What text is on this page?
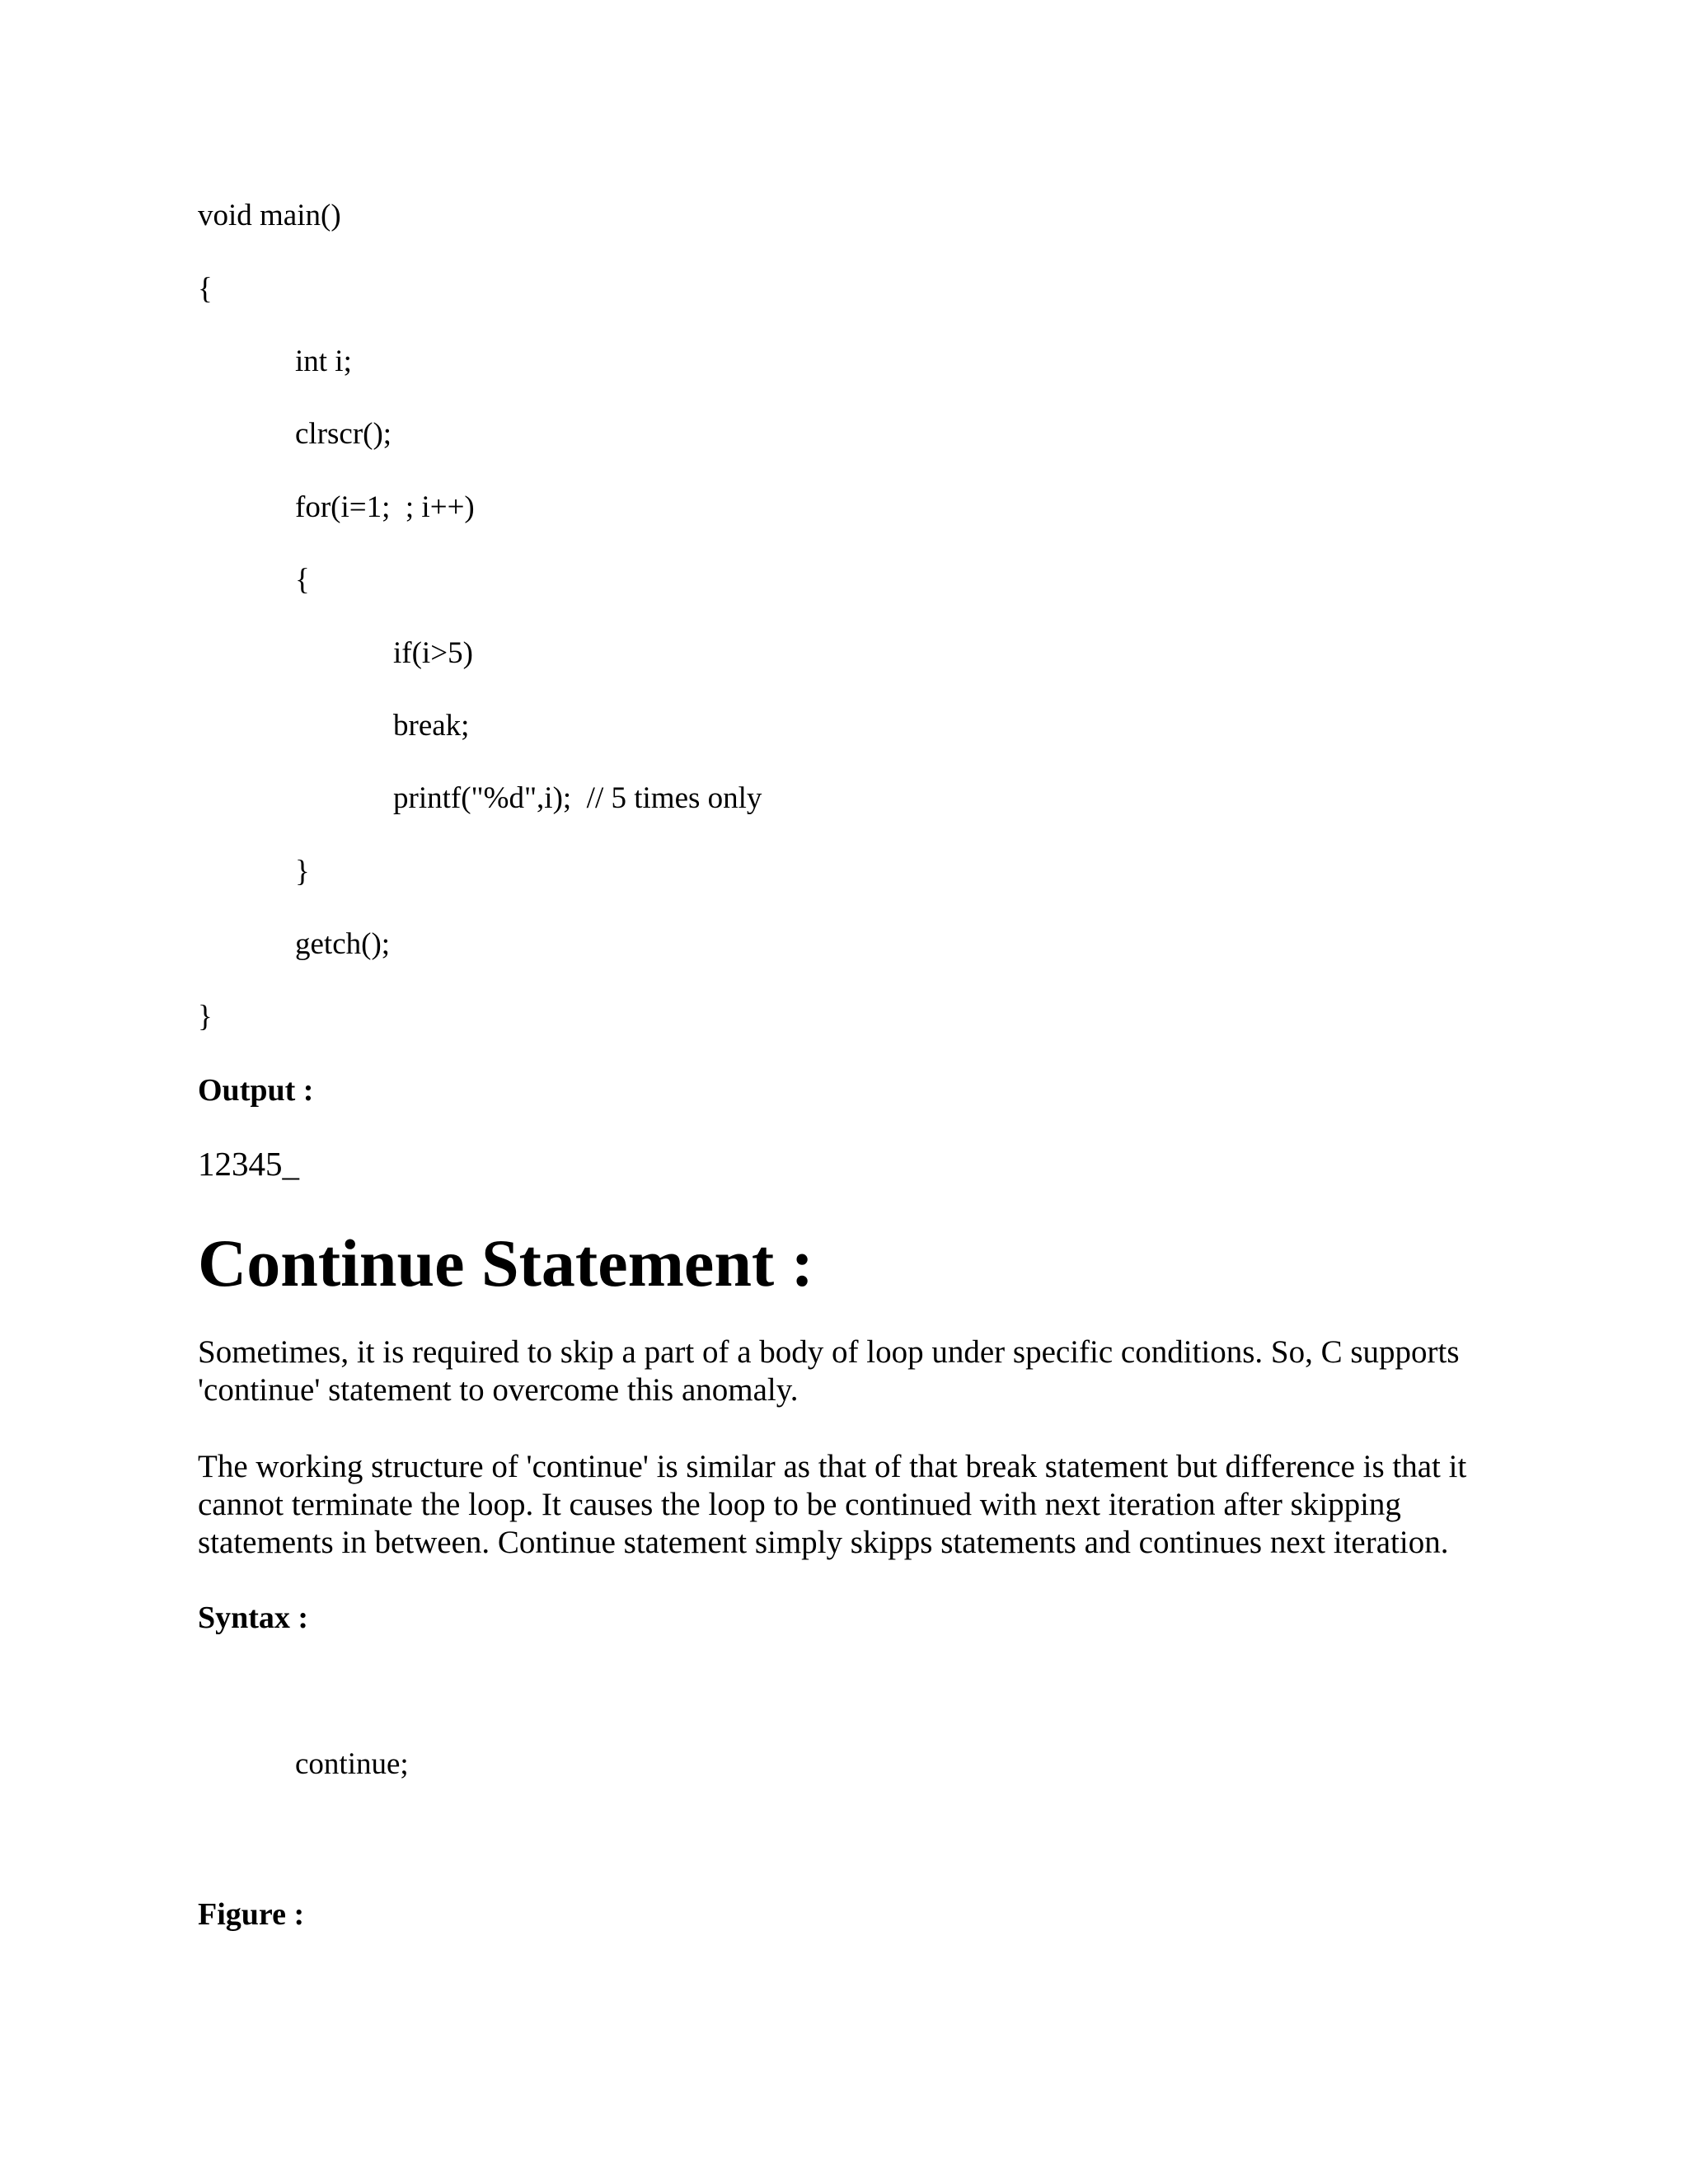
void main()
{
int i;
clrscr();
for(i=1;  ; i++)
{
if(i>5)
break;
printf("%d",i);  // 5 times only
}
getch();
}
Output :
12345_
Continue Statement :
Sometimes, it is required to skip a part of a body of loop under specific conditions. So, C supports 'continue' statement to overcome this anomaly.
The working structure of 'continue' is similar as that of that break statement but difference is that it cannot terminate the loop. It causes the loop to be continued with next iteration after skipping statements in between. Continue statement simply skipps statements and continues next iteration.
Syntax :
continue;
Figure :
